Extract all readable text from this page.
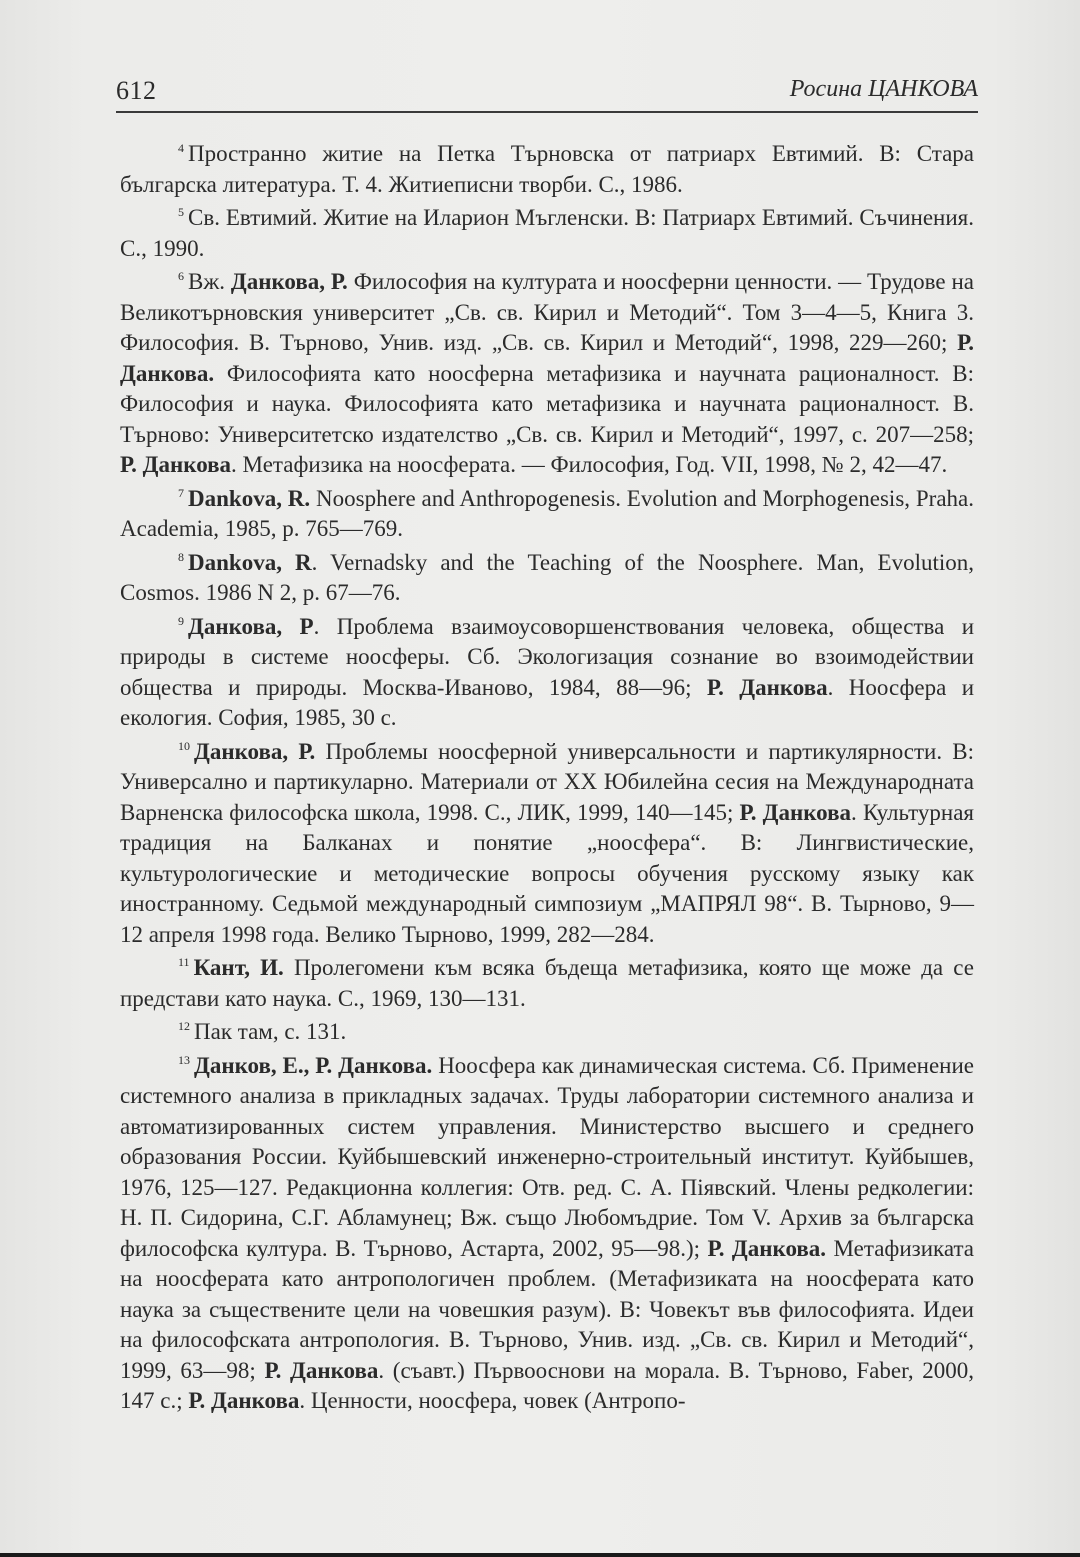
612	Росина ЦАНКОВА

$^4$ Пространно житие на Петка Търновска от патриарх Евтимий. В: Стара българска литература. Т. 4. Житиеписни творби. С., 1986.

$^5$ Св. Евтимий. Житие на Иларион Мъгленски. В: Патриарх Евтимий. Съчинения. С., 1990.

$^6$ Вж. Данкова, Р. Философия на културата и ноосферни ценности. — Трудове на Великотърновския университет „Св. св. Кирил и Методий“. Том 3—4—5, Книга 3. Философия. В. Търново, Унив. изд. „Св. св. Кирил и Методий“, 1998, 229—260; Р. Данкова. Философията като ноосферна метафизика и научната рационалност. В: Философия и наука. Философията като метафизика и научната рационалност. В. Търново: Университетско издателство „Св. св. Кирил и Методий“, 1997, с. 207—258; Р. Данкова. Метафизика на ноосферата. — Философия, Год. VII, 1998, № 2, 42—47.

$^7$ Dankova, R. Noosphere and Anthropogenesis. Evolution and Morphogenesis, Praha. Academia, 1985, p. 765—769.

$^8$ Dankova, R. Vernadsky and the Teaching of the Noosphere. Man, Evolution, Cosmos. 1986 N 2, p. 67—76.

$^9$ Данкова, Р. Проблема взаимоусовоpшенствования человека, общества и природы в системе ноосферы. Сб. Экологизация сознание во взоимодействии общества и природы. Москва-Иваново, 1984, 88—96; Р. Данкова. Ноосфера и екология. София, 1985, 30 с.

$^{10}$ Данкова, Р. Проблемы ноосферной универсальности и партикулярности. В: Универсално и партикуларно. Материали от XX Юбилейна сесия на Международната Варненска философска школа, 1998. С., ЛИК, 1999, 140—145; Р. Данкова. Культурная традиция на Балканах и понятие „ноосфера“. В: Лингвистические, культурологические и методические вопросы обучения русскому языку как иностранному. Седьмой международный симпозиум „МАПРЯЛ 98“. В. Тырново, 9—12 апреля 1998 года. Велико Тырново, 1999, 282—284.

$^{11}$ Кант, И. Пролегомени към всяка бъдеща метафизика, която ще може да се представи като наука. С., 1969, 130—131.

$^{12}$ Пак там, с. 131.

$^{13}$ Данков, Е., Р. Данкова. Ноосфера как динамическая система. Сб. Применение системного анализа в прикладных задачах. Труды лаборатории системного анализа и автоматизированных систем управления. Министерство высшего и среднего образования России. Куйбышевский инженерно-строительный институт. Куйбышев, 1976, 125—127. Редакционна коллегия: Отв. ред. С. А. Піявский. Члены редколегии: Н. П. Сидорина, С.Г. Абламунец; Вж. също Любомъдрие. Том V. Архив за българска философска култура. В. Търново, Астарта, 2002, 95—98.); Р. Данкова. Метафизиката на ноосферата като антропологичен проблем. (Метафизиката на ноосферата като наука за съществените цели на човешкия разум). В: Човекът във философията. Идеи на философската антропология. В. Търново, Унив. изд. „Св. св. Кирил и Методий“, 1999, 63—98; Р. Данкова. (съавт.) Първооснови на морала. В. Търново, Faber, 2000, 147 с.; Р. Данкова. Ценности, ноосфера, човек (Антропо-
